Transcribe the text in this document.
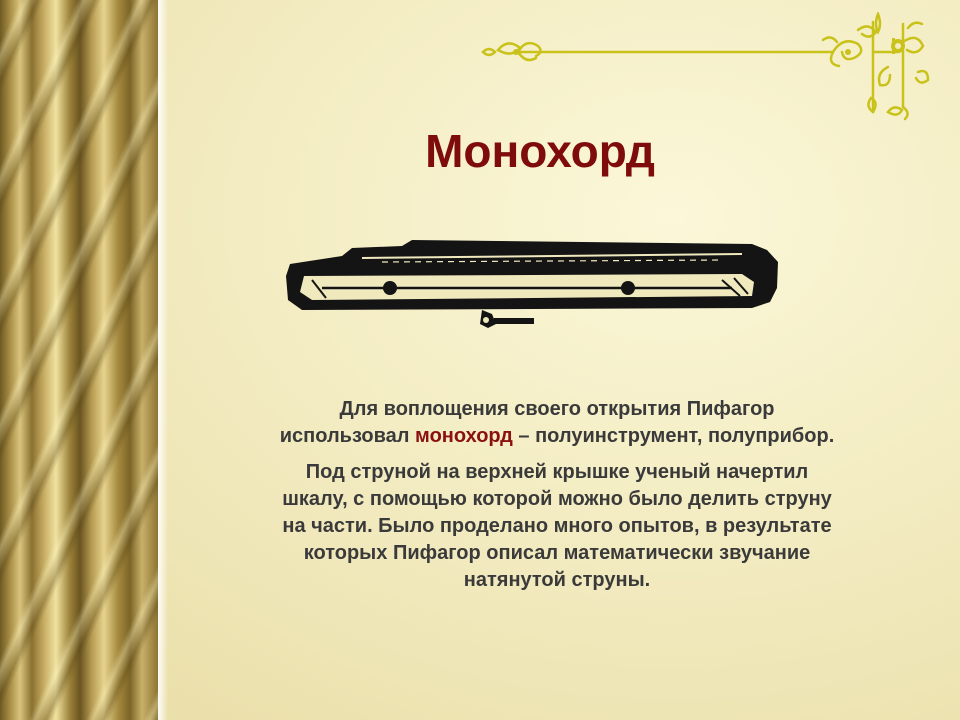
Монохорд

Для воплощения своего открытия Пифагор
использовал монохорд – полуинструмент, полуприбор.

Под струной на верхней крышке ученый начертил
шкалу, с помощью которой можно было делить струну
на части. Было проделано много опытов, в результате
которых Пифагор описал математически звучание
натянутой струны.
